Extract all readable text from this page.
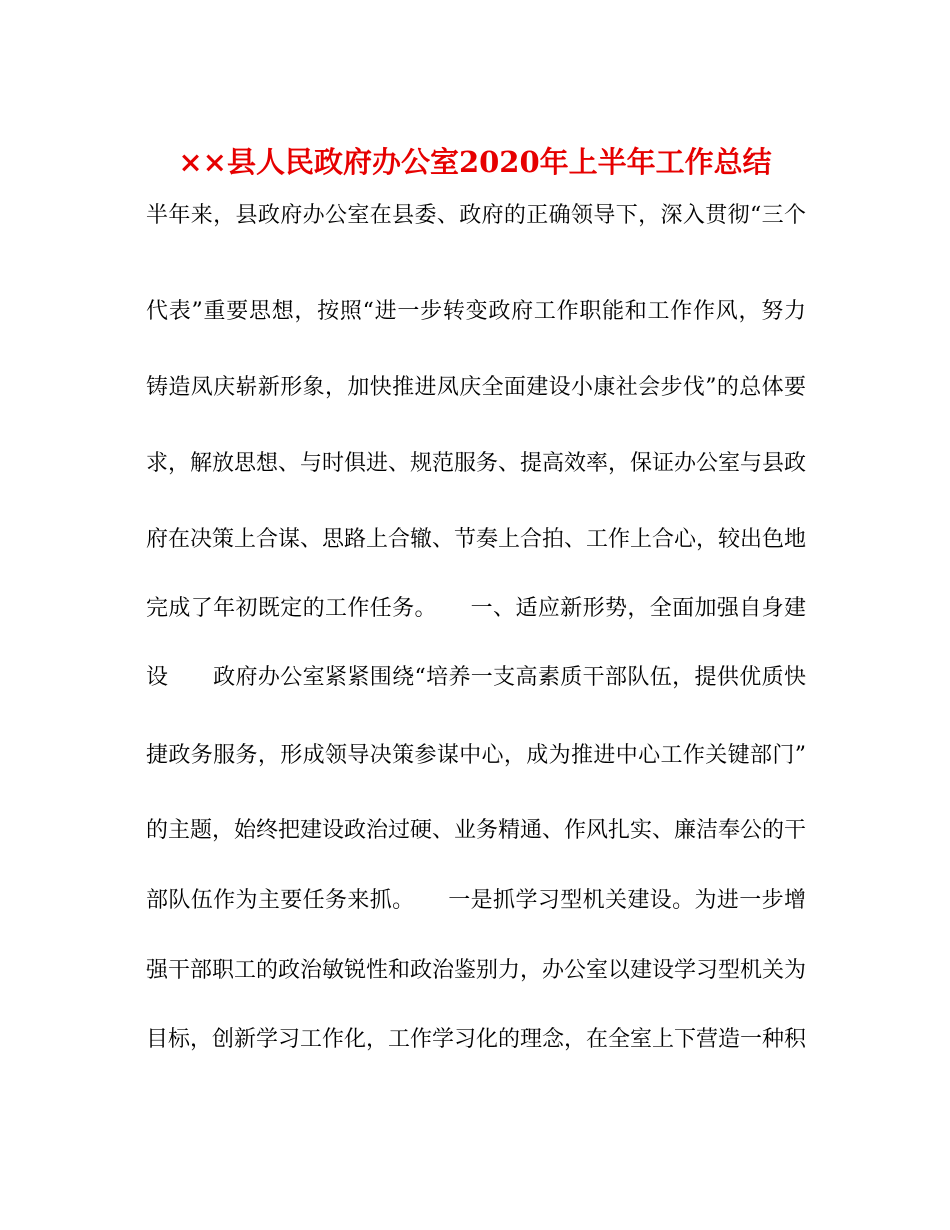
××县人民政府办公室2020年上半年工作总结
半年来，县政府办公室在县委、政府的正确领导下，深入贯彻“三个
代表”重要思想，按照“进一步转变政府工作职能和工作作风，努力
铸造凤庆崭新形象，加快推进凤庆全面建设小康社会步伐”的总体要
求，解放思想、与时俱进、规范服务、提高效率，保证办公室与县政
府在决策上合谋、思路上合辙、节奏上合拍、工作上合心，较出色地
完成了年初既定的工作任务。　　一、适应新形势，全面加强自身建
设　　政府办公室紧紧围绕“培养一支高素质干部队伍，提供优质快
捷政务服务，形成领导决策参谋中心，成为推进中心工作关键部门”
的主题，始终把建设政治过硬、业务精通、作风扎实、廉洁奉公的干
部队伍作为主要任务来抓。　　一是抓学习型机关建设。为进一步增
强干部职工的政治敏锐性和政治鉴别力，办公室以建设学习型机关为
目标，创新学习工作化，工作学习化的理念，在全室上下营造一种积
